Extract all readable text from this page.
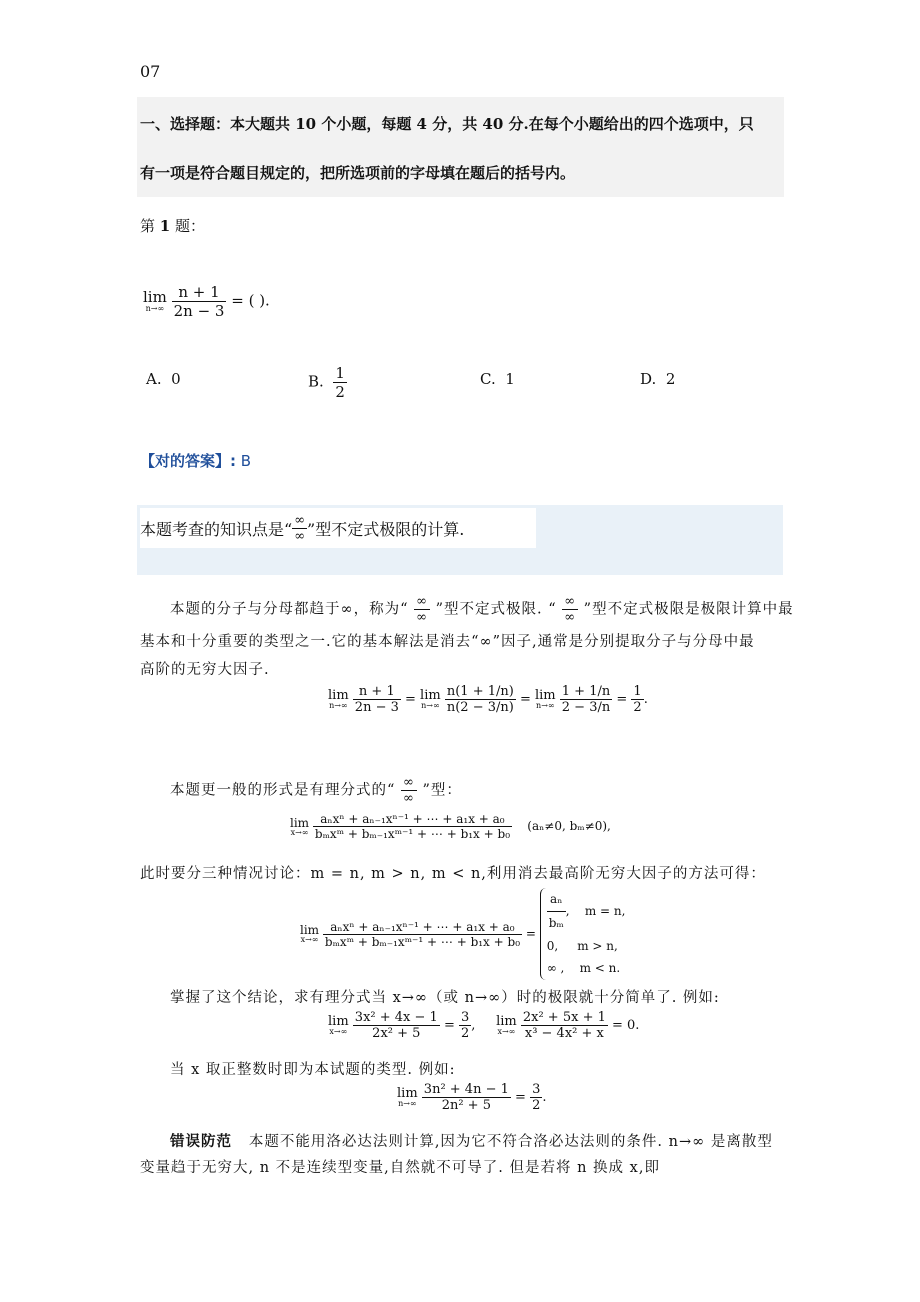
07
一、选择题：本大题共 10 个小题，每题 4 分，共 40 分.在每个小题给出的四个选项中，只
有一项是符合题目规定的，把所选项前的字母填在题后的括号内。
第 1 题：
lim
n→∞
$\frac{n + 1}{2n - 3}$ = ( ).
A. 0	B. $\frac{1}{2}$	C. 1	D. 2
【对的答案】: B
本题考查的知识点是“ $\frac{\infty}{\infty}$ ”型不定式极限的计算.
本题的分子与分母都趋于∞，称为“ $\frac{\infty}{\infty}$ ”型不定式极限. “ $\frac{\infty}{\infty}$ ”型不定式极限是极限计算中最
基本和十分重要的类型之一.它的基本解法是消去“∞”因子,通常是分别提取分子与分母中最
高阶的无穷大因子.
lim
n→∞
$\frac{n + 1}{2n - 3} = \lim$
n→∞
$\frac{n(1 + 1/n)}{n(2 - 3/n)} = \lim$
n→∞
$\frac{1 + 1/n}{2 - 3/n} = \frac{1}{2}$ .
本题更一般的形式是有理分式的“ $\frac{\infty}{\infty}$ ”型：
lim
x→∞
$\frac{\text{aₙxⁿ + aₙ₋₁xⁿ⁻¹ + ⋯ + a₁x + a₀}}{\text{bₘxᵐ + bₘ₋₁xᵐ⁻¹ + ⋯ + b₁x + b₀}} (a_n\ne 0$, bₘ≠0),
此时要分三种情况讨论：m = n, m > n, m < n,利用消去最高阶无穷大因子的方法可得：
lim
x→∞
$\frac{\text{aₙxⁿ + aₙ₋₁xⁿ⁻¹ + ⋯ + a₁x + a₀}}{\text{bₘxᵐ + bₘ₋₁xᵐ⁻¹ + ⋯ + b₁x + b₀}} = \frac{\text{aₙ}}{\text{bₘ}}$ ,    m = n,
0, m > n,
∞ , m < n.
掌握了这个结论，求有理分式当 x→∞（或 n→∞）时的极限就十分简单了. 例如:
lim
x→∞
$\frac{\text{3x² + 4x − 1}}{\text{2x² + 5}} = \frac{3}{2}$ , lim
x→∞
$\frac{\text{2x² + 5x + 1}}{\text{x³ − 4x² + x}} = 0$.
当 x 取正整数时即为本试题的类型. 例如:
lim
n→∞
$\frac{\text{3n² + 4n − 1}}{\text{2n² + 5}} = \frac{3}{2}$ .
错误防范 本题不能用洛必达法则计算,因为它不符合洛必达法则的条件. n→∞ 是离散型
变量趋于无穷大, n 不是连续型变量,自然就不可导了. 但是若将 n 换成 x,即
